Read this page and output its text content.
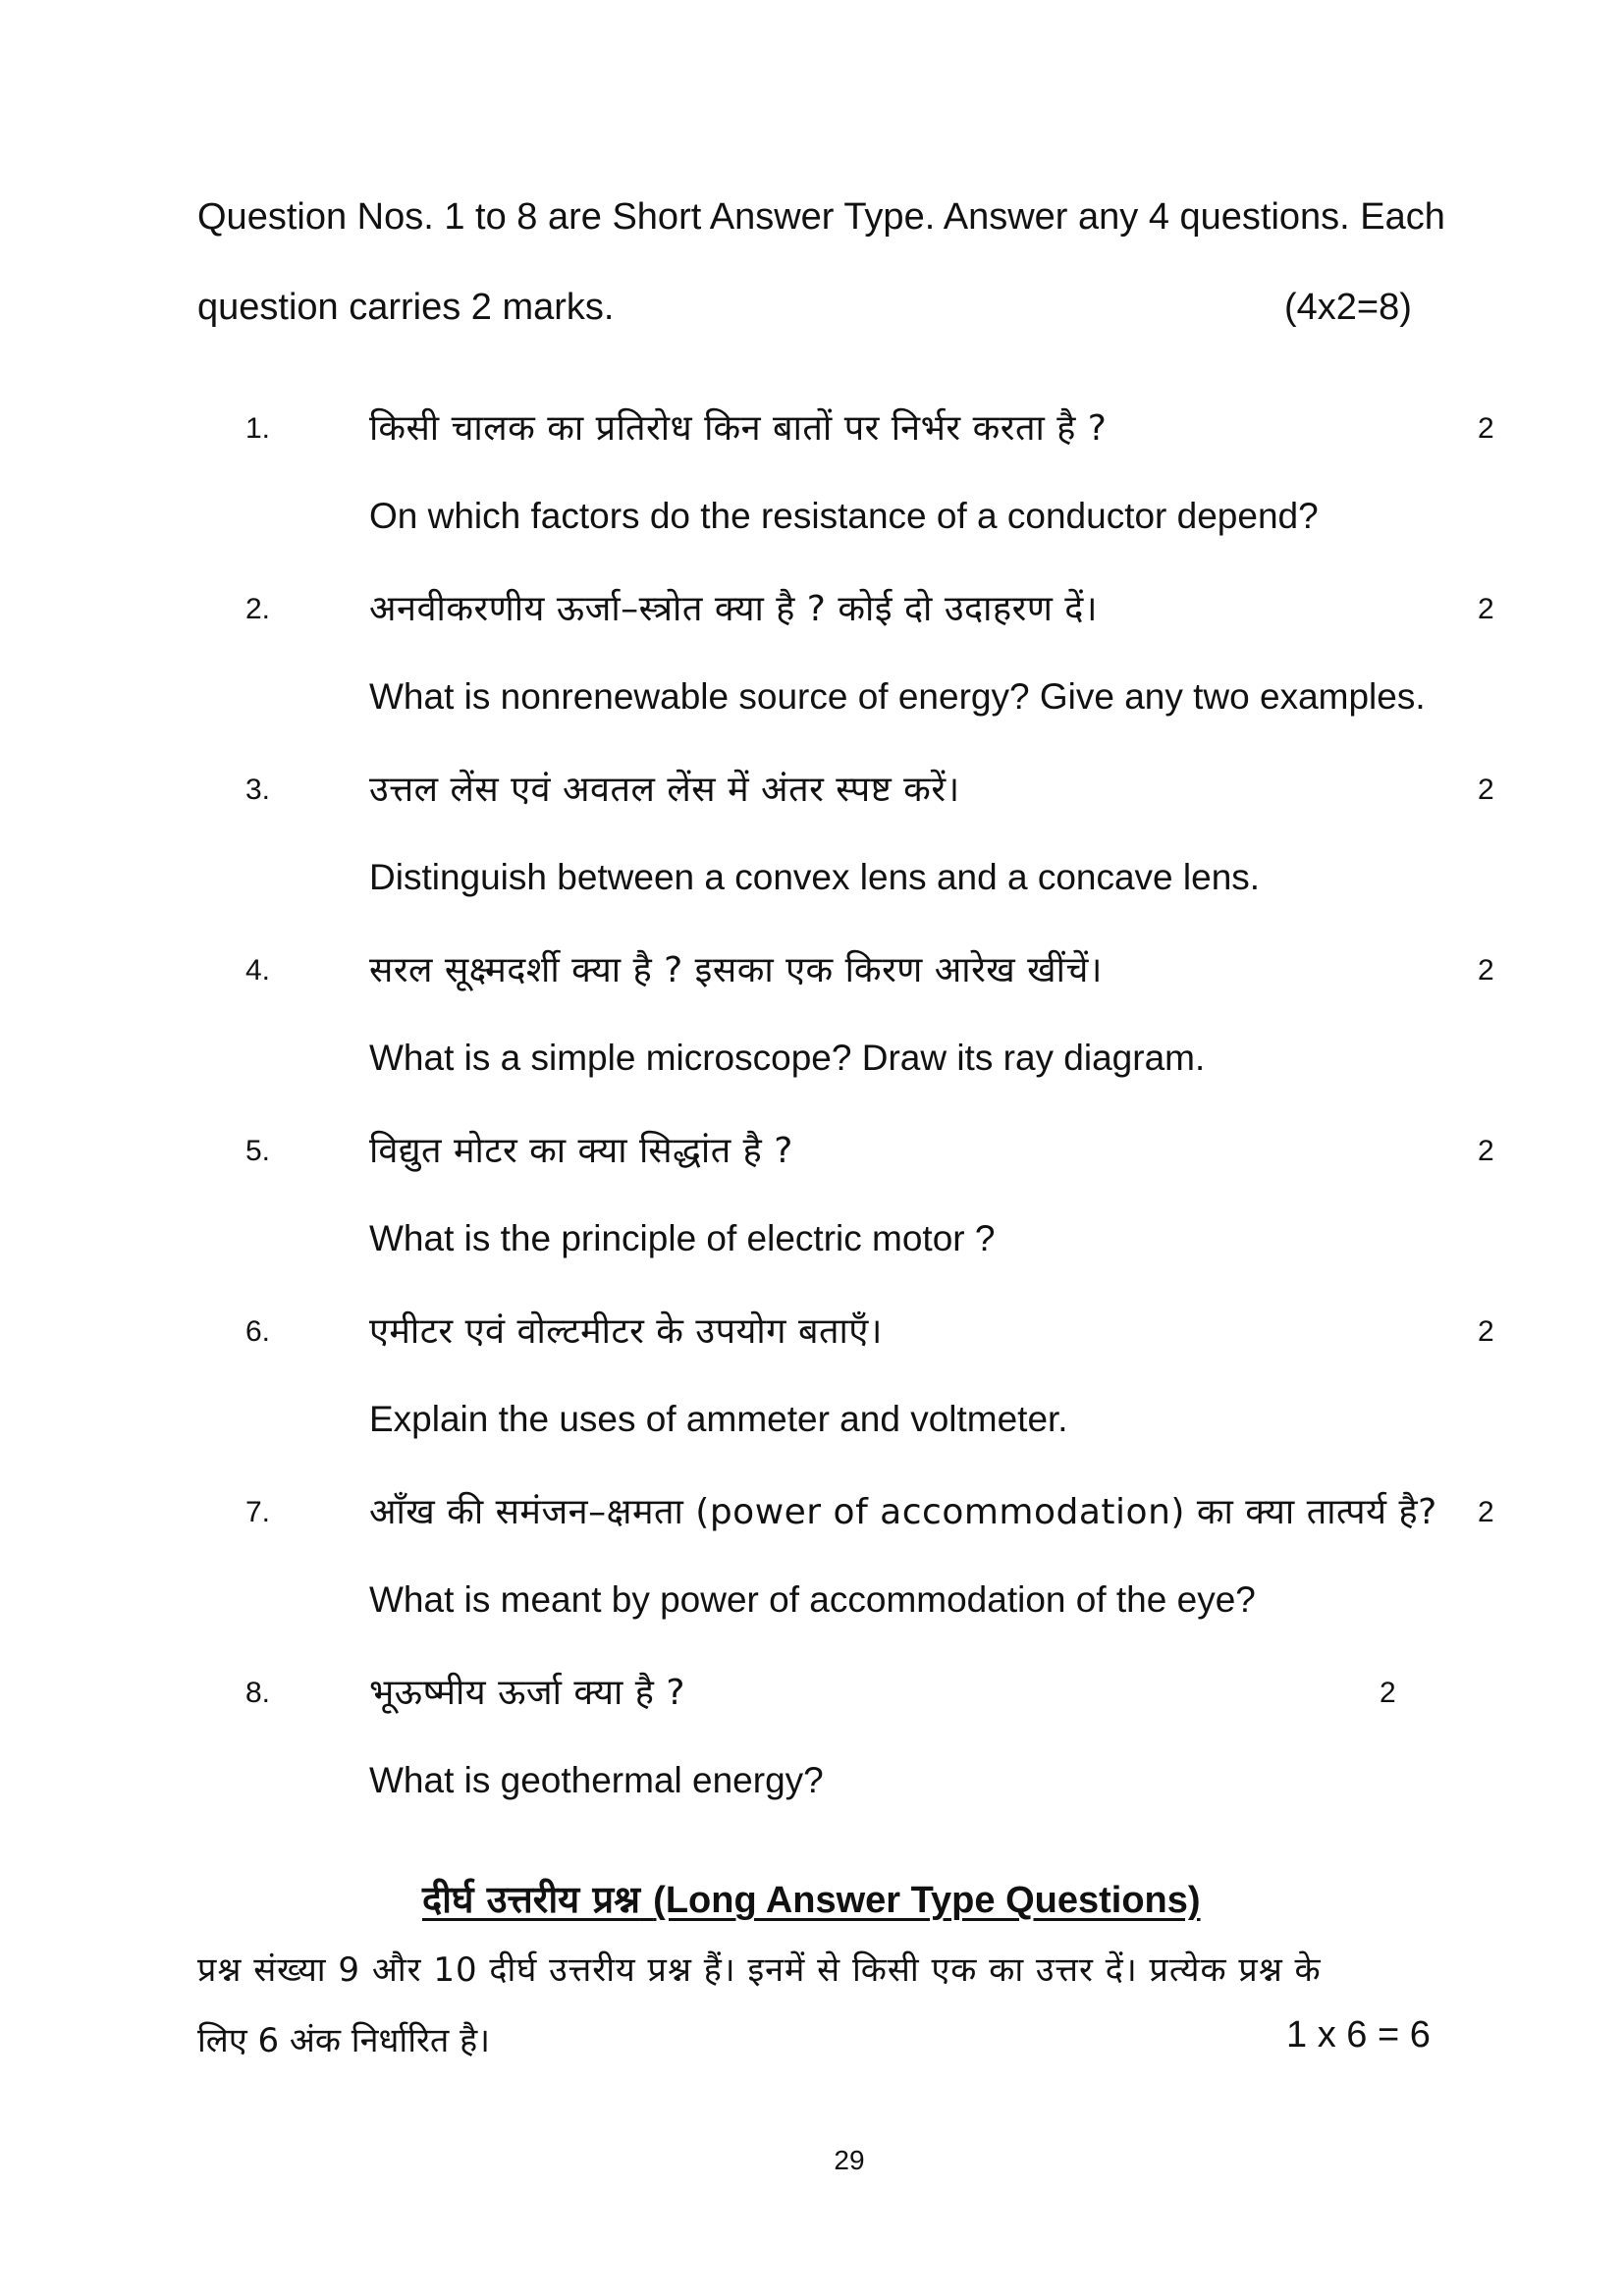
Question Nos. 1 to 8 are Short Answer Type. Answer any 4 questions. Each
question carries 2 marks.	(4x2=8)
1.	किसी चालक का प्रतिरोध किन बातों पर निर्भर करता है ?	2
On which factors do the resistance of a conductor depend?
2.	अनवीकरणीय ऊर्जा–स्त्रोत क्या है ? कोई दो उदाहरण दें।	2
What is nonrenewable source of energy? Give any two examples.
3.	उत्तल लेंस एवं अवतल लेंस में अंतर स्पष्ट करें।	2
Distinguish between a convex lens and a concave lens.
4.	सरल सूक्ष्मदर्शी क्या है ? इसका एक किरण आरेख खींचें।	2
What is a simple microscope? Draw its ray diagram.
5.	विद्युत मोटर का क्या सिद्धांत है ?	2
What is the principle of electric motor ?
6.	एमीटर एवं वोल्टमीटर के उपयोग बताएँ।	2
Explain the uses of ammeter and voltmeter.
7.	आँख की समंजन–क्षमता (power of accommodation) का क्या तात्पर्य है? 2
What is meant by power of accommodation of the eye?
8.	भूऊष्मीय ऊर्जा क्या है ?	2
What is geothermal energy?
दीर्घ उत्तरीय प्रश्न (Long Answer Type Questions)
प्रश्न संख्या 9 और 10 दीर्घ उत्तरीय प्रश्न हैं। इनमें से किसी एक का उत्तर दें। प्रत्येक प्रश्न के
लिए 6 अंक निर्धारित है।	1 x 6 = 6
29
